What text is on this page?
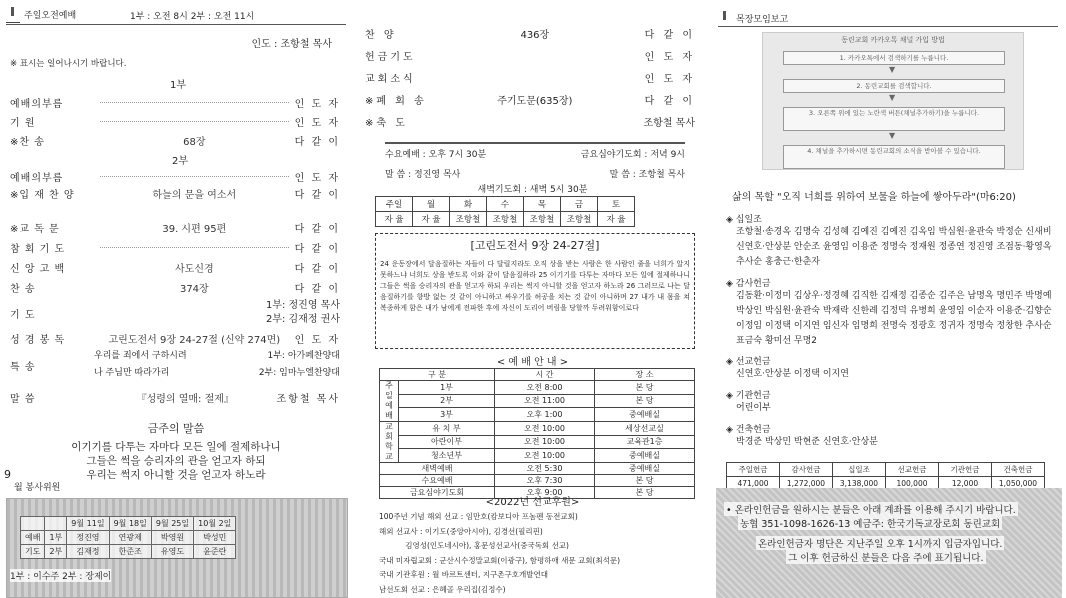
주일오전예배	1부 : 오전 8시 2부 : 오전 11시
인도 : 조항철 목사
※ 표시는 일어나시기 바랍니다.
1부
예배의부름	인 도 자
기 원	인 도 자
※찬 송	68장	다 같 이
2부
예배의부름	인 도 자
※입 재 찬 양	하늘의 문을 여소서	다 같 이
※교 독 문	39. 시편 95편	다 같 이
참 회 기 도	다 같 이
신 앙 고 백	사도신경	다 같 이
찬 송	374장	다 같 이
기 도
1부: 정진영 목사
2부: 김재정 권사
성 경 봉 독	고린도전서 9장 24-27절 (신약 274면)	인 도 자
특 송
우리를 죄에서 구하시려	1부: 아가페찬양대
나 주님만 따라가리	2부: 임마누엘찬양대
말 씀	『성령의 열매: 절제』	조항철 목사
금주의 말씀
이기기를 다투는 자마다 모든 일에 절제하나니
그들은 썩을 승리자의 관을 얻고자 하되
우리는 썩지 아니할 것을 얻고자 하노라
9
월 봉사위원
		9월 11일	9월 18일	9월 25일	10월 2일
예배	1부	정진영	연광제	박영원	박성민
기도	2부	김재정	한준조	유영도	윤준란
1부 : 이수주 2부 : 장제이
찬 양	436장	다 같 이
헌금기도	인 도 자
교회소식	인 도 자
※폐 회 송	주기도문(635장)	다 같 이
※축 도	조항철 목사
수요예배 : 오후 7시 30분	금요심야기도회 : 저녁 9시
말 씀 : 정진영 목사	말 씀 : 조항철 목사
새벽기도회 : 새벽 5시 30분
주일	월	화	수	목	금	토
자 율	자 율	조항철	조항철	조항철	조항철	자 율
[고린도전서 9장 24-27절]
24 운동장에서 달음질하는 자들이 다 달릴지라도 오직 상을 받는 사람은 한 사람인 줄을 너희가 알지 못하느냐 너희도 상을 받도록 이와 같이 달음질하라 25 이기기를 다투는 자마다 모든 일에 절제하나니 그들은 썩을 승리자의 관을 얻고자 하되 우리는 썩지 아니할 것을 얻고자 하노라 26 그러므로 나는 달음질하기를 향방 없는 것 같이 아니하고 싸우기를 허공을 치는 것 같이 아니하며 27 내가 내 몸을 쳐 복종하게 함은 내가 남에게 전파한 후에 자신이 도리어 버림을 당할까 두려워함이로다
< 예 배 안 내 >
구 분		시 간	장 소
주일예배	1부	오전 8:00	본 당
	2부	오전 11:00	본 당
	3부	오후 1:00	중예배실
교회학교	유 치 부	오전 10:00	세상선교실
	아란이부	오전 10:00	교육관1층
	청소년부	오전 10:00	중예배실
새벽예배		오전 5:30	중예배실
수요예배		오후 7:30	본 당
금요심야기도회		오후 9:00	본 당
<2022년 선교후원>
100주년 기념 해외 선교 : 임만호(캄보디아 프놈펜 동전교회)
해외 선교사 : 이기도(중앙아시아), 김경선(필리핀)
김영성(인도네시아), 홍문성선교사(중국독회 선교)
국내 미자립교회 : 군산시수정말교회(이광구), 함평하애 새문 교회(최석문)
국내 기관후원 : 월 바르트센터, 지구촌구호개발연대
남선도회 선교 : 은혜골 우리집(김정수)
목장모임보고
동린교회 카카오톡 채널 가입 방법
1. 카카오톡에서 검색하기를 누릅니다.
▼
2. 동린교회를 검색합니다.
▼
3. 오른쪽 위에 있는 노란색 버튼(채널추가하기)을 누릅니다.
▼
4. 채널을 추가하시면 동린교회의 소식을 받아볼 수 있습니다.
삶의 목할 "오직 너희를 위하여 보물을 하늘에 쌓아두라"(마6:20)
◈ 십일조
조항철·송경옥 김명숙 김성혜 김예진 김예진 김옥임 박심원·윤관숙 박정순 신새비 신연호·안상분 안순조 윤영임 이용준 정명숙 정재원 정종연 정진영 조점동·황영옥 추사순 홍충근·한춘자
◈ 감사헌금
김동환·이정미 김상우·정경혜 김직한 김재정 김종순 김주은 남명옥 명민주 박명예 박상인 박심원·윤관숙 박재락 신한례 김정덕 유병희 윤영임 이순자 이용준·김향순 이정임 이정택 이지연 임신자 임명희 전명숙 정광호 정귀자 정명숙 정창한 추사순 표금숙 황미선 무명2
◈ 선교헌금
신연호·안상분 이정택 이지연
◈ 기관헌금
어린이부
◈ 건축헌금
박경준 박상민 박현준 신연호·안상분
주일헌금	감사헌금	십일조	선교헌금	기관헌금	건축헌금
471,000	1,272,000	3,138,000	100,000	12,000	1,050,000
• 온라인헌금을 원하시는 분들은 아래 계좌를 이용해 주시기 바랍니다.
농협 351-1098-1626-13 예금주: 한국기독교장로회 동린교회
온라인헌금자 명단은 지난주일 오후 1시까지 입금자입니다.
그 이후 헌금하신 분들은 다음 주에 표기됩니다.
